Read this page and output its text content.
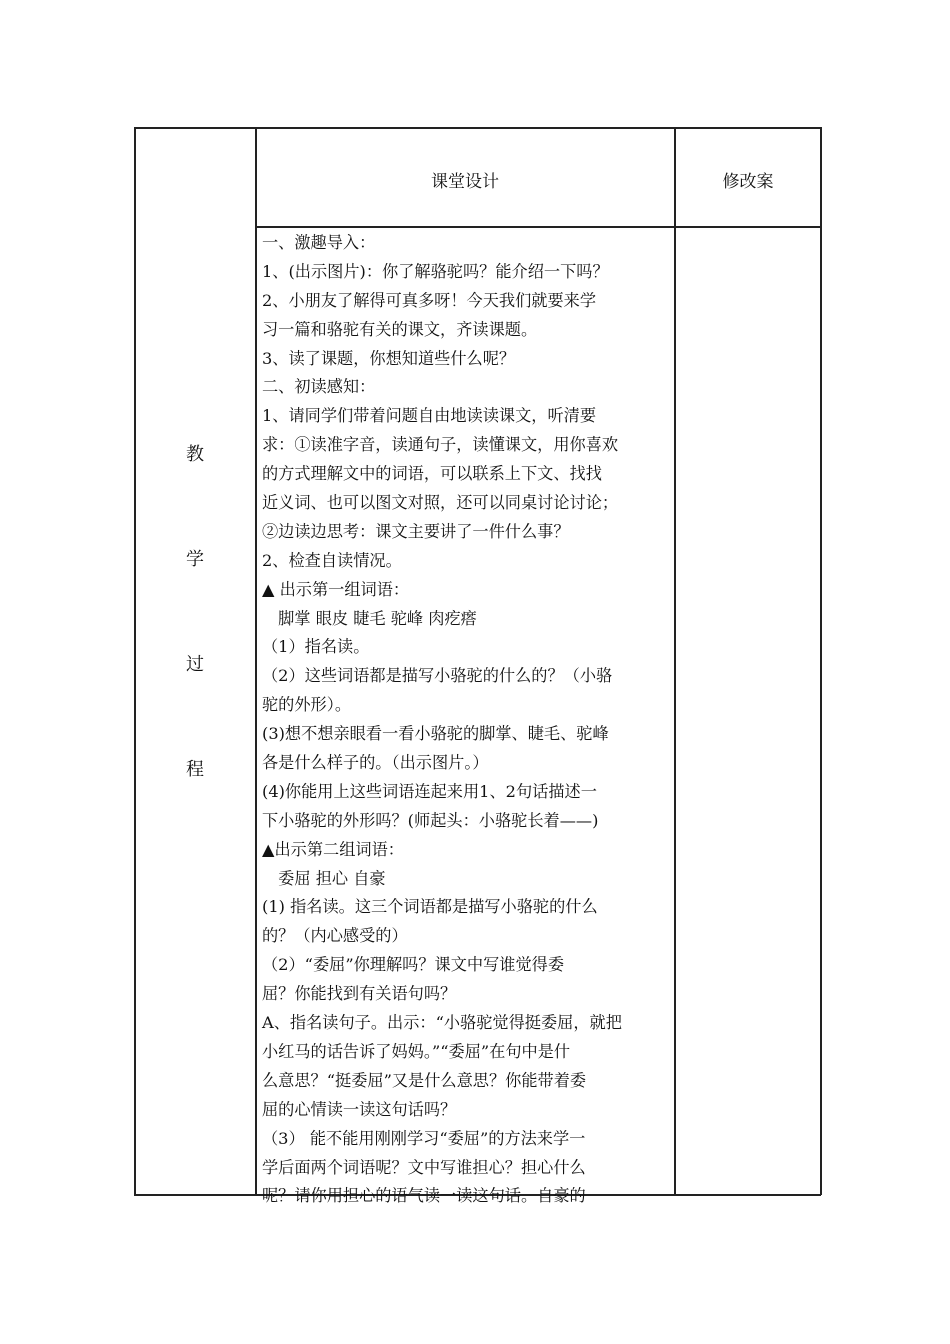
课堂设计	修改案
教
学
过
程
一、激趣导入：
1、(出示图片)：你了解骆驼吗？能介绍一下吗？
2、小朋友了解得可真多呀！今天我们就要来学
习一篇和骆驼有关的课文，齐读课题。
3、读了课题，你想知道些什么呢？
二、初读感知：
1、请同学们带着问题自由地读读课文，听清要
求：①读准字音，读通句子，读懂课文，用你喜欢
的方式理解文中的词语，可以联系上下文、找找
近义词、也可以图文对照，还可以同桌讨论讨论；
②边读边思考：课文主要讲了一件什么事？
2、检查自读情况。
▲ 出示第一组词语：
　脚掌 眼皮 睫毛 驼峰 肉疙瘩
（1）指名读。
（2）这些词语都是描写小骆驼的什么的？（小骆
驼的外形）。
(3)想不想亲眼看一看小骆驼的脚掌、睫毛、驼峰
各是什么样子的。（出示图片。）
(4)你能用上这些词语连起来用1、2句话描述一
下小骆驼的外形吗？(师起头：小骆驼长着——)
▲出示第二组词语：
　委屈 担心 自豪
(1) 指名读。这三个词语都是描写小骆驼的什么
的？（内心感受的）
（2）“委屈”你理解吗？课文中写谁觉得委
屈？你能找到有关语句吗？
A、指名读句子。出示：“小骆驼觉得挺委屈，就把
小红马的话告诉了妈妈。”“委屈”在句中是什
么意思？“挺委屈”又是什么意思？你能带着委
屈的心情读一读这句话吗？
（3） 能不能用刚刚学习“委屈”的方法来学一
学后面两个词语呢？文中写谁担心？担心什么
呢？请你用担心的语气读一读这句话。自豪的
